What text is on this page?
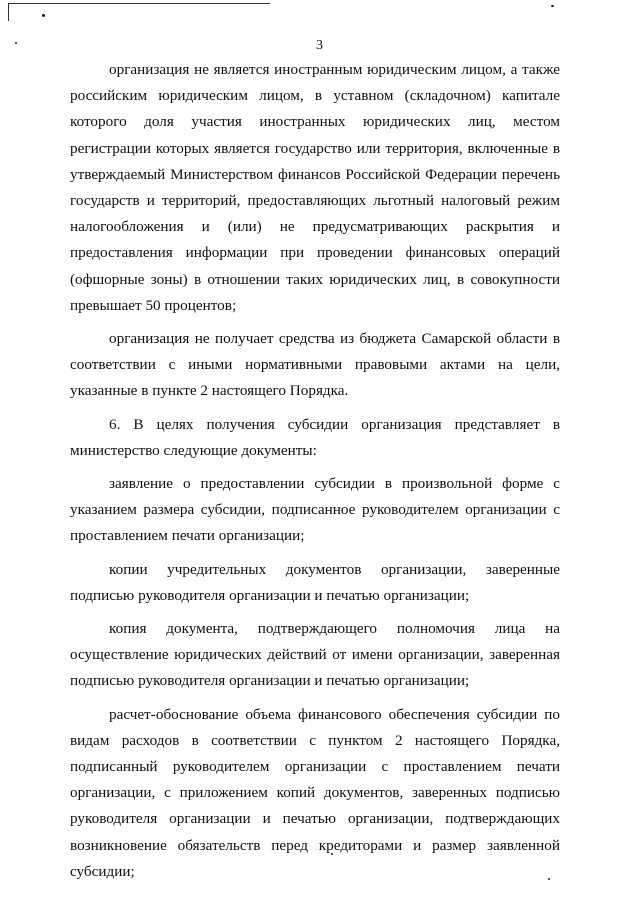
3

организация не является иностранным юридическим лицом, а также российским юридическим лицом, в уставном (складочном) капитале которого доля участия иностранных юридических лиц, местом регистрации которых является государство или территория, включенные в утверждаемый Министерством финансов Российской Федерации перечень государств и территорий, предоставляющих льготный налоговый режим налогообложения и (или) не предусматривающих раскрытия и предоставления информации при проведении финансовых операций (офшорные зоны) в отношении таких юридических лиц, в совокупности превышает 50 процентов;

организация не получает средства из бюджета Самарской области в соответствии с иными нормативными правовыми актами на цели, указанные в пункте 2 настоящего Порядка.

6. В целях получения субсидии организация представляет в министерство следующие документы:

заявление о предоставлении субсидии в произвольной форме с указанием размера субсидии, подписанное руководителем организации с проставлением печати организации;

копии учредительных документов организации, заверенные подписью руководителя организации и печатью организации;

копия документа, подтверждающего полномочия лица на осуществление юридических действий от имени организации, заверенная подписью руководителя организации и печатью организации;

расчет-обоснование объема финансового обеспечения субсидии по видам расходов в соответствии с пунктом 2 настоящего Порядка, подписанный руководителем организации с проставлением печати организации, с приложением копий документов, заверенных подписью руководителя организации и печатью организации, подтверждающих возникновение обязательств перед кредиторами и размер заявленной субсидии;
